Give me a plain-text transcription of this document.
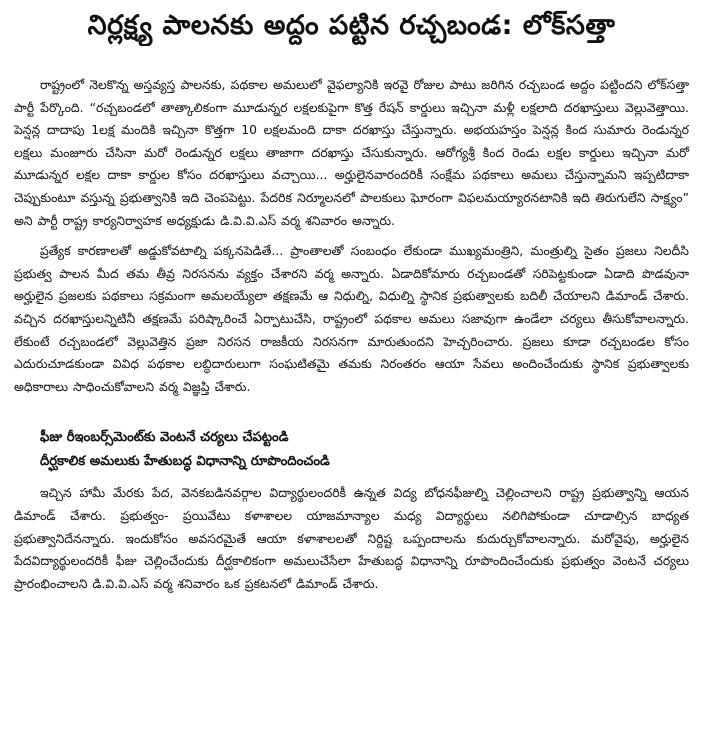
నిర్లక్ష్య పాలనకు అద్దం పట్టిన రచ్చబండ: లోక్‌సత్తా

రాష్ట్రంలో నెలకొన్న అస్తవ్యస్త పాలనకు, పథకాల అమలులో వైఫల్యానికి ఇరవై రోజుల పాటు జరిగిన రచ్చబండ అద్దం పట్టిందని లోక్‌సత్తా పార్టీ పేర్కొంది. “రచ్చబండలో తాత్కాలికంగా మూడున్నర లక్షలకుపైగా కొత్త రేషన్ కార్డులు ఇచ్చినా మళ్లీ లక్షలాది దరఖాస్తులు వెల్లువెత్తాయి. పెన్షన్ల దాదాపు 1లక్ష మందికి ఇచ్చినా కొత్తగా 10 లక్షలమంది దాకా దరఖాస్తు చేస్తున్నారు. అభయహస్తం పెన్షన్ల కింద సుమారు రెండున్నర లక్షలు మంజూరు చేసినా మరో రెండున్నర లక్షలు తాజాగా దరఖాస్తు చేసుకున్నారు. ఆరోగ్యశ్రీ కింద రెండు లక్షల కార్డులు ఇచ్చినా మరో మూడున్నర లక్షల దాకా కార్డుల కోసం దరఖాస్తులు వచ్చాయి... అర్హులైనవారందరికీ సంక్షేమ పథకాలు అమలు చేస్తున్నామని ఇప్పటిదాకా చెప్పుకుంటూ వస్తున్న ప్రభుత్వానికి ఇది చెంపపెట్టు. పేదరిక నిర్మూలనలో పాలకులు ఘోరంగా విఫలమయ్యారనటానికి ఇది తిరుగులేని సాక్ష్యం” అని పార్టీ రాష్ట్ర కార్యనిర్వాహక అధ్యక్షుడు డి.వి.వి.ఎస్ వర్మ శనివారం అన్నారు.

ప్రత్యేక కారణాలతో అడ్డుకోవటాల్ని పక్కనపెడితే... ప్రాంతాలతో సంబంధం లేకుండా ముఖ్యమంత్రిని, మంత్రుల్ని సైతం ప్రజలు నిలదీసి ప్రభుత్వ పాలన మీద తమ తీవ్ర నిరసనను వ్యక్తం చేశారని వర్మ అన్నారు. ఏడాదికోమారు రచ్చబండతో సరిపెట్టకుండా ఏడాది పొడవునా అర్హులైన ప్రజలకు పథకాలు సక్రమంగా అమలయ్యేలా తక్షణమే ఆ నిధుల్ని, విధుల్ని స్థానిక ప్రభుత్వాలకు బదిలీ చేయాలని డిమాండ్ చేశారు. వచ్చిన దరఖాస్తులన్నిటినీ తక్షణమే పరిష్కారించే ఏర్పాటుచేసి, రాష్ట్రంలో పథకాల అమలు సజావుగా ఉండేలా చర్యలు తీసుకోవాలన్నారు. లేకుంటే రచ్చబండలో వెల్లువెత్తిన ప్రజా నిరసన రాజకీయ నిరసనగా మారుతుందని హెచ్చరించారు. ప్రజలు కూడా రచ్చబండల కోసం ఎదురుచూడకుండా వివిధ పథకాల లబ్ధిదారులుగా సంఘటితమై తమకు నిరంతరం ఆయా సేవలు అందించేందుకు స్థానిక ప్రభుత్వాలకు అధికారాలు సాధించుకోవాలని వర్మ విజ్ఞప్తి చేశారు.

ఫీజు రీఇంబర్స్‌మెంట్‌కు వెంటనే చర్యలు చేపట్టండి

దీర్ఘకాలిక అమలుకు హేతుబద్ధ విధానాన్ని రూపొందించండి

ఇచ్చిన హామీ మేరకు పేద, వెనకబడినవర్గాల విద్యార్థులందరికీ ఉన్నత విద్య బోధనఫీజుల్ని చెల్లించాలని రాష్ట్ర ప్రభుత్వాన్ని ఆయన డిమాండ్ చేశారు. ప్రభుత్వం- ప్రయివేటు కళాశాలల యాజమాన్యాల మధ్య విద్యార్థులు నలిగిపోకుండా చూడాల్సిన బాధ్యత ప్రభుత్వానిదేనన్నారు. ఇందుకోసం అవసరమైతే ఆయా కళాశాలలతో నిర్దిష్ట ఒప్పందాలను కుదుర్చుకోవాలన్నారు. మరోవైపు, అర్హులైన పేదవిద్యార్థులందరికీ ఫీజు చెల్లించేందుకు దీర్ఘకాలికంగా అమలుచేసేలా హేతుబద్ధ విధానాన్ని రూపొందించేందుకు ప్రభుత్వం వెంటనే చర్యలు ప్రారంభించాలని డి.వి.వి.ఎస్ వర్మ శనివారం ఒక ప్రకటనలో డిమాండ్ చేశారు.
